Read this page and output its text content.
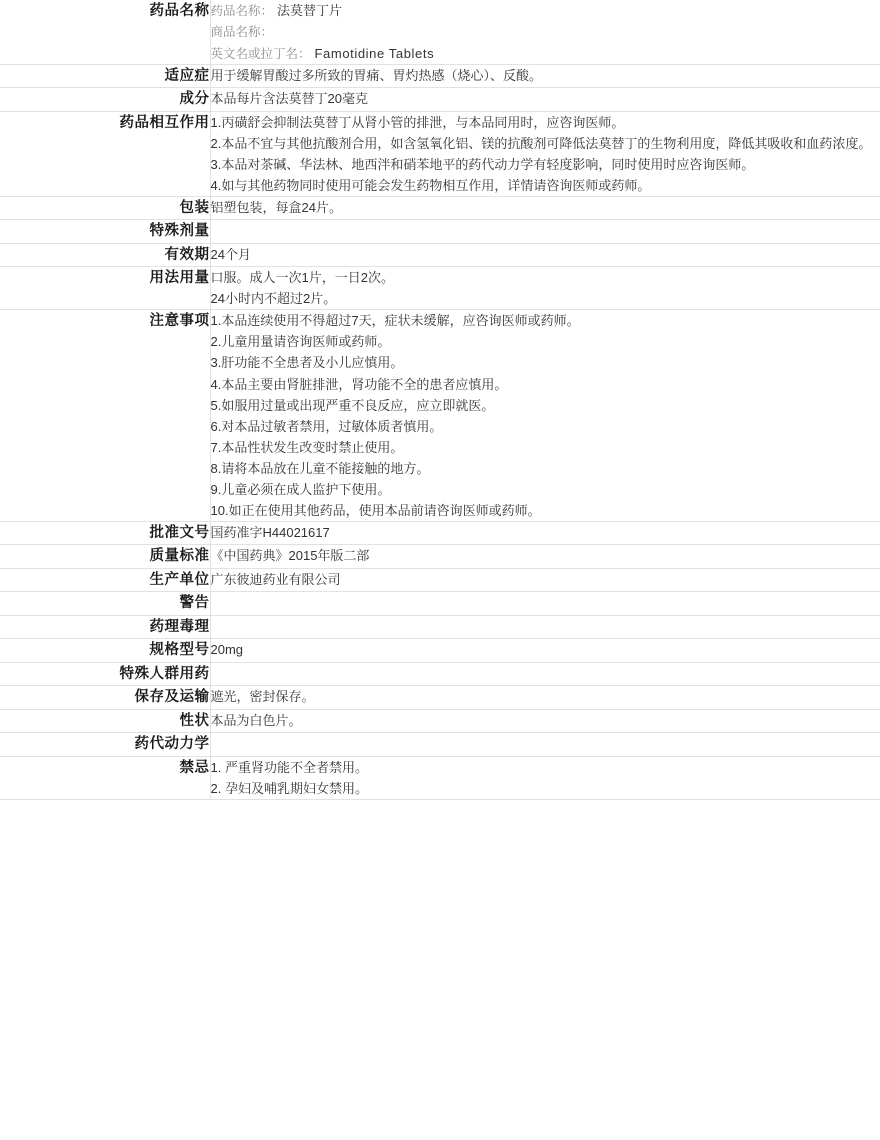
药品名称	药品名称： 法莫替丁片
商品名称：
英文名或拉丁名： Famotidine Tablets

适应症	用于缓解胃酸过多所致的胃痛、胃灼热感（烧心）、反酸。

成分	本品每片含法莫替丁20毫克

药品相互作用	1.丙磺舒会抑制法莫替丁从肾小管的排泄，与本品同用时，应咨询医师。
2.本品不宜与其他抗酸剂合用，如含氢氧化铝、镁的抗酸剂可降低法莫替丁的生物利用度，降低其吸收和血药浓度。
3.本品对茶碱、华法林、地西泮和硝苯地平的药代动力学有轻度影响，同时使用时应咨询医师。
4.如与其他药物同时使用可能会发生药物相互作用，详情请咨询医师或药师。

包装	铝塑包装，每盒24片。

特殊剂量	
有效期	24个月

用法用量	口服。成人一次1片，一日2次。
24小时内不超过2片。

注意事项	1.本品连续使用不得超过7天，症状未缓解，应咨询医师或药师。
2.儿童用量请咨询医师或药师。
3.肝功能不全患者及小儿应慎用。
4.本品主要由肾脏排泄，肾功能不全的患者应慎用。
5.如服用过量或出现严重不良反应，应立即就医。
6.对本品过敏者禁用，过敏体质者慎用。
7.本品性状发生改变时禁止使用。
8.请将本品放在儿童不能接触的地方。
9.儿童必须在成人监护下使用。
10.如正在使用其他药品，使用本品前请咨询医师或药师。

批准文号	国药准字H44021617

质量标准	《中国药典》2015年版二部

生产单位	广东彼迪药业有限公司

警告	
药理毒理	
规格型号	20mg

特殊人群用药	
保存及运输	遮光，密封保存。

性状	本品为白色片。

药代动力学	
禁忌	1. 严重肾功能不全者禁用。
2. 孕妇及哺乳期妇女禁用。
